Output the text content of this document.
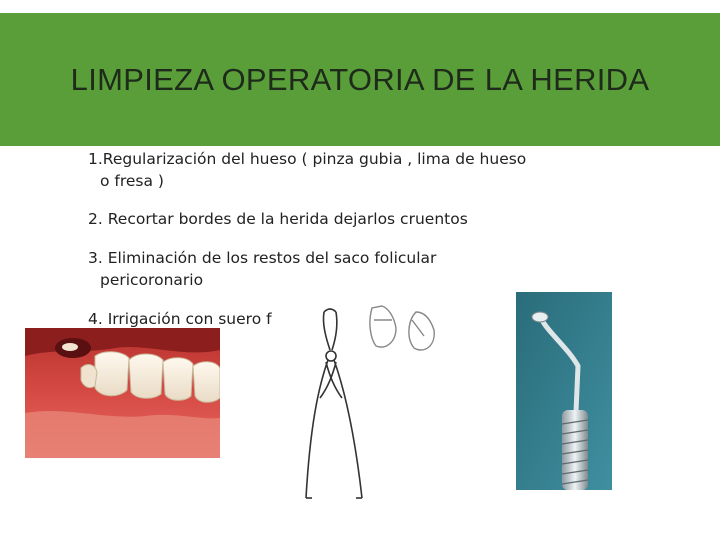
LIMPIEZA OPERATORIA DE LA HERIDA
1.Regularización del hueso ( pinza gubia , lima de hueso
o fresa )
2. Recortar bordes de la herida dejarlos cruentos
3. Eliminación de los restos del saco folicular
pericoronario
4. Irrigación con suero f
